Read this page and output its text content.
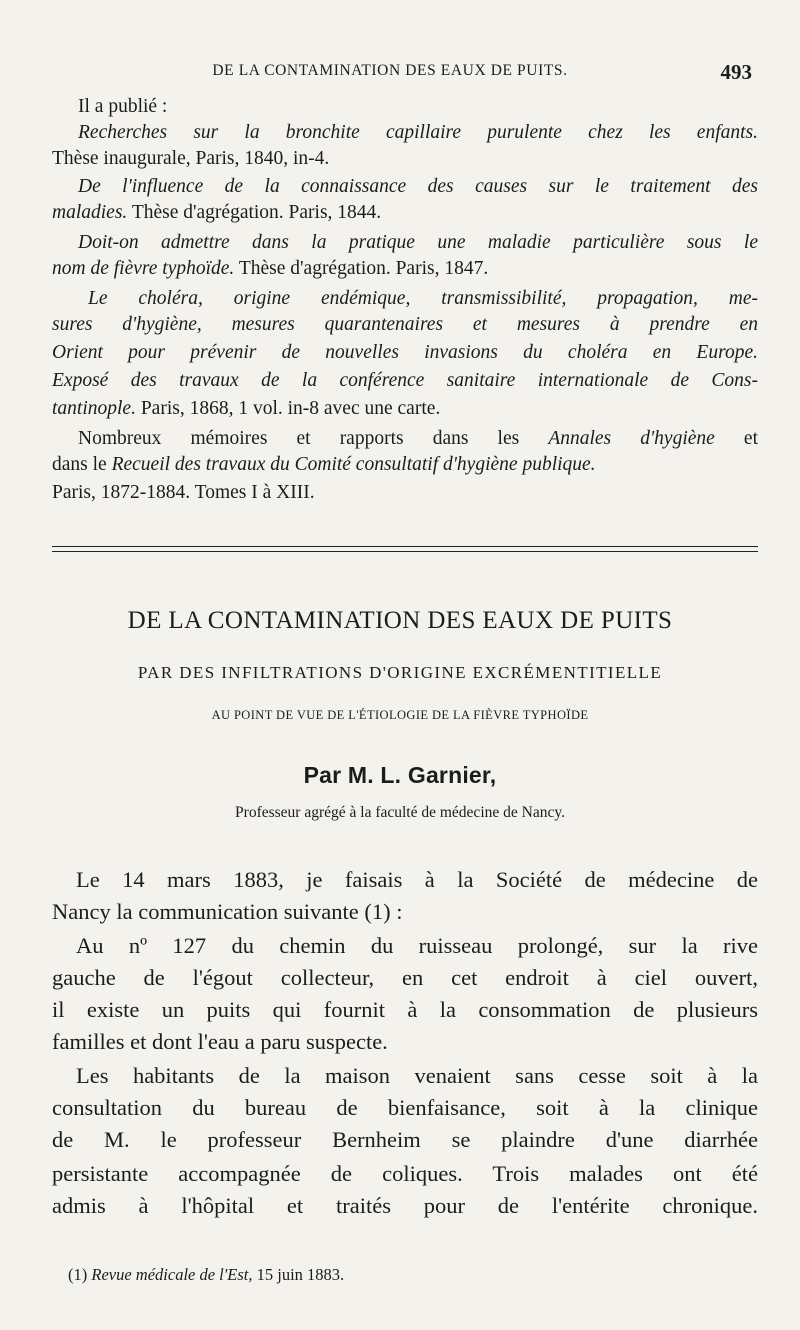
DE LA CONTAMINATION DES EAUX DE PUITS.	493
Il a publié :
Recherches sur la bronchite capillaire purulente chez les enfants.
Thèse inaugurale, Paris, 1840, in-4.
De l'influence de la connaissance des causes sur le traitement des
maladies. Thèse d'agrégation. Paris, 1844.
Doit-on admettre dans la pratique une maladie particulière sous le
nom de fièvre typhoïde. Thèse d'agrégation. Paris, 1847.
Le choléra, origine endémique, transmissibilité, propagation, me-
sures d'hygiène, mesures quarantenaires et mesures à prendre en
Orient pour prévenir de nouvelles invasions du choléra en Europe.
Exposé des travaux de la conférence sanitaire internationale de Cons-
tantinople. Paris, 1868, 1 vol. in-8 avec une carte.
Nombreux mémoires et rapports dans les Annales d'hygiène et
dans le Recueil des travaux du Comité consultatif d'hygiène publique.
Paris, 1872-1884. Tomes I à XIII.
DE LA CONTAMINATION DES EAUX DE PUITS
PAR DES INFILTRATIONS D'ORIGINE EXCRÉMENTITIELLE
AU POINT DE VUE DE L'ÉTIOLOGIE DE LA FIÈVRE TYPHOÏDE
Par M. L. Garnier,
Professeur agrégé à la faculté de médecine de Nancy.
Le 14 mars 1883, je faisais à la Société de médecine de
Nancy la communication suivante (1) :
Au nº 127 du chemin du ruisseau prolongé, sur la rive
gauche de l'égout collecteur, en cet endroit à ciel ouvert,
il existe un puits qui fournit à la consommation de plusieurs
familles et dont l'eau a paru suspecte.
Les habitants de la maison venaient sans cesse soit à la
consultation du bureau de bienfaisance, soit à la clinique
de M. le professeur Bernheim se plaindre d'une diarrhée
persistante accompagnée de coliques. Trois malades ont été
admis à l'hôpital et traités pour de l'entérite chronique.
(1) Revue médicale de l'Est, 15 juin 1883.
